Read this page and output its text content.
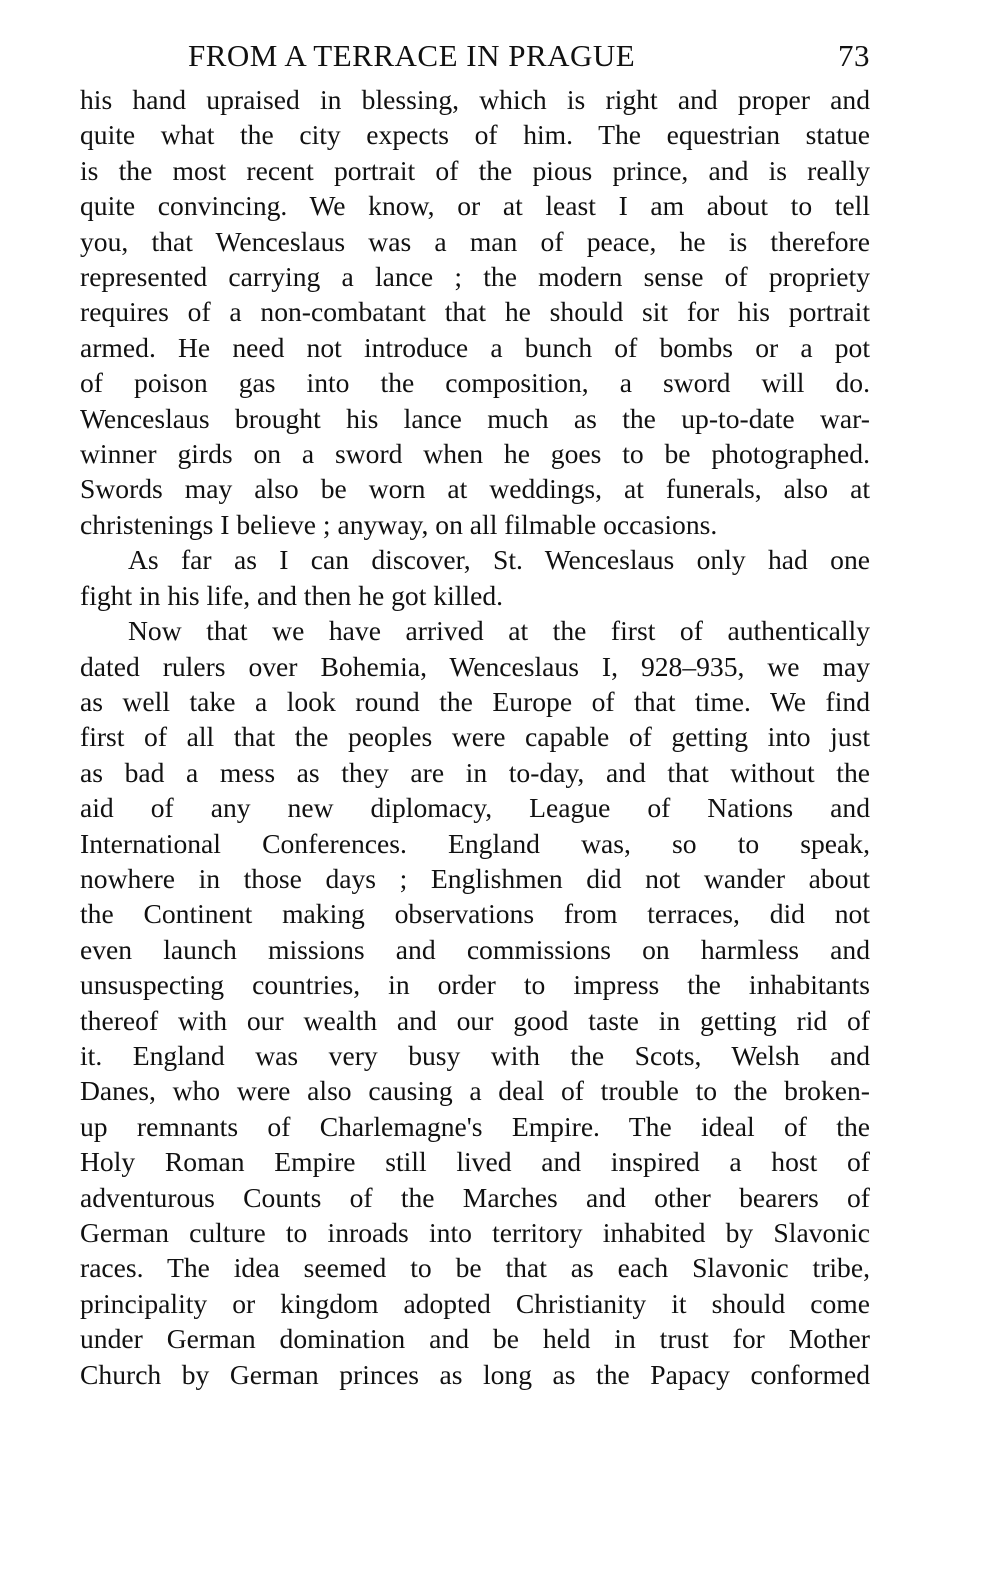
FROM A TERRACE IN PRAGUE	73
his hand upraised in blessing, which is right and proper and
quite what the city expects of him. The equestrian statue
is the most recent portrait of the pious prince, and is really
quite convincing. We know, or at least I am about to tell
you, that Wenceslaus was a man of peace, he is therefore
represented carrying a lance ; the modern sense of propriety
requires of a non-combatant that he should sit for his portrait
armed. He need not introduce a bunch of bombs or a pot
of poison gas into the composition, a sword will do.
Wenceslaus brought his lance much as the up-to-date war-
winner girds on a sword when he goes to be photographed.
Swords may also be worn at weddings, at funerals, also at
christenings I believe ; anyway, on all filmable occasions.
As far as I can discover, St. Wenceslaus only had one
fight in his life, and then he got killed.
Now that we have arrived at the first of authentically
dated rulers over Bohemia, Wenceslaus I, 928–935, we may
as well take a look round the Europe of that time. We find
first of all that the peoples were capable of getting into just
as bad a mess as they are in to-day, and that without the
aid of any new diplomacy, League of Nations and
International Conferences. England was, so to speak,
nowhere in those days ; Englishmen did not wander about
the Continent making observations from terraces, did not
even launch missions and commissions on harmless and
unsuspecting countries, in order to impress the inhabitants
thereof with our wealth and our good taste in getting rid of
it. England was very busy with the Scots, Welsh and
Danes, who were also causing a deal of trouble to the broken-
up remnants of Charlemagne's Empire. The ideal of the
Holy Roman Empire still lived and inspired a host of
adventurous Counts of the Marches and other bearers of
German culture to inroads into territory inhabited by Slavonic
races. The idea seemed to be that as each Slavonic tribe,
principality or kingdom adopted Christianity it should come
under German domination and be held in trust for Mother
Church by German princes as long as the Papacy conformed
